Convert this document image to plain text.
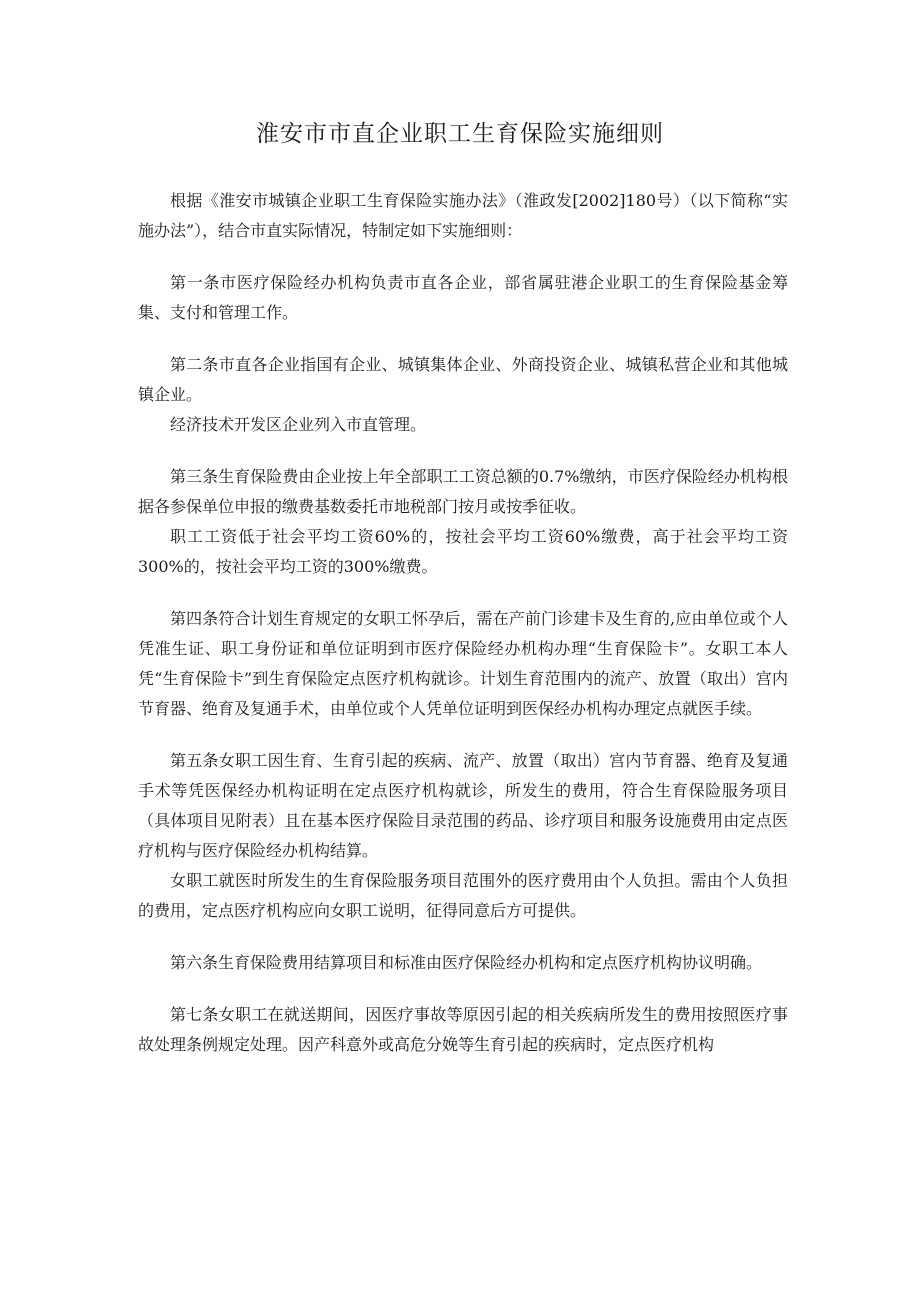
淮安市市直企业职工生育保险实施细则

根据《淮安市城镇企业职工生育保险实施办法》（淮政发[2002]180号）（以下简称“实施办法”），结合市直实际情况，特制定如下实施细则：

第一条市医疗保险经办机构负责市直各企业，部省属驻港企业职工的生育保险基金筹集、支付和管理工作。

第二条市直各企业指国有企业、城镇集体企业、外商投资企业、城镇私营企业和其他城镇企业。

经济技术开发区企业列入市直管理。

第三条生育保险费由企业按上年全部职工工资总额的0.7%缴纳，市医疗保险经办机构根据各参保单位申报的缴费基数委托市地税部门按月或按季征收。

职工工资低于社会平均工资60%的，按社会平均工资60%缴费，高于社会平均工资300%的，按社会平均工资的300%缴费。

第四条符合计划生育规定的女职工怀孕后，需在产前门诊建卡及生育的,应由单位或个人凭准生证、职工身份证和单位证明到市医疗保险经办机构办理“生育保险卡”。女职工本人凭“生育保险卡”到生育保险定点医疗机构就诊。计划生育范围内的流产、放置（取出）宫内节育器、绝育及复通手术，由单位或个人凭单位证明到医保经办机构办理定点就医手续。

第五条女职工因生育、生育引起的疾病、流产、放置（取出）宫内节育器、绝育及复通手术等凭医保经办机构证明在定点医疗机构就诊，所发生的费用，符合生育保险服务项目（具体项目见附表）且在基本医疗保险目录范围的药品、诊疗项目和服务设施费用由定点医疗机构与医疗保险经办机构结算。

女职工就医时所发生的生育保险服务项目范围外的医疗费用由个人负担。需由个人负担的费用，定点医疗机构应向女职工说明，征得同意后方可提供。

第六条生育保险费用结算项目和标准由医疗保险经办机构和定点医疗机构协议明确。

第七条女职工在就送期间，因医疗事故等原因引起的相关疾病所发生的费用按照医疗事故处理条例规定处理。因产科意外或高危分娩等生育引起的疾病时，定点医疗机构
